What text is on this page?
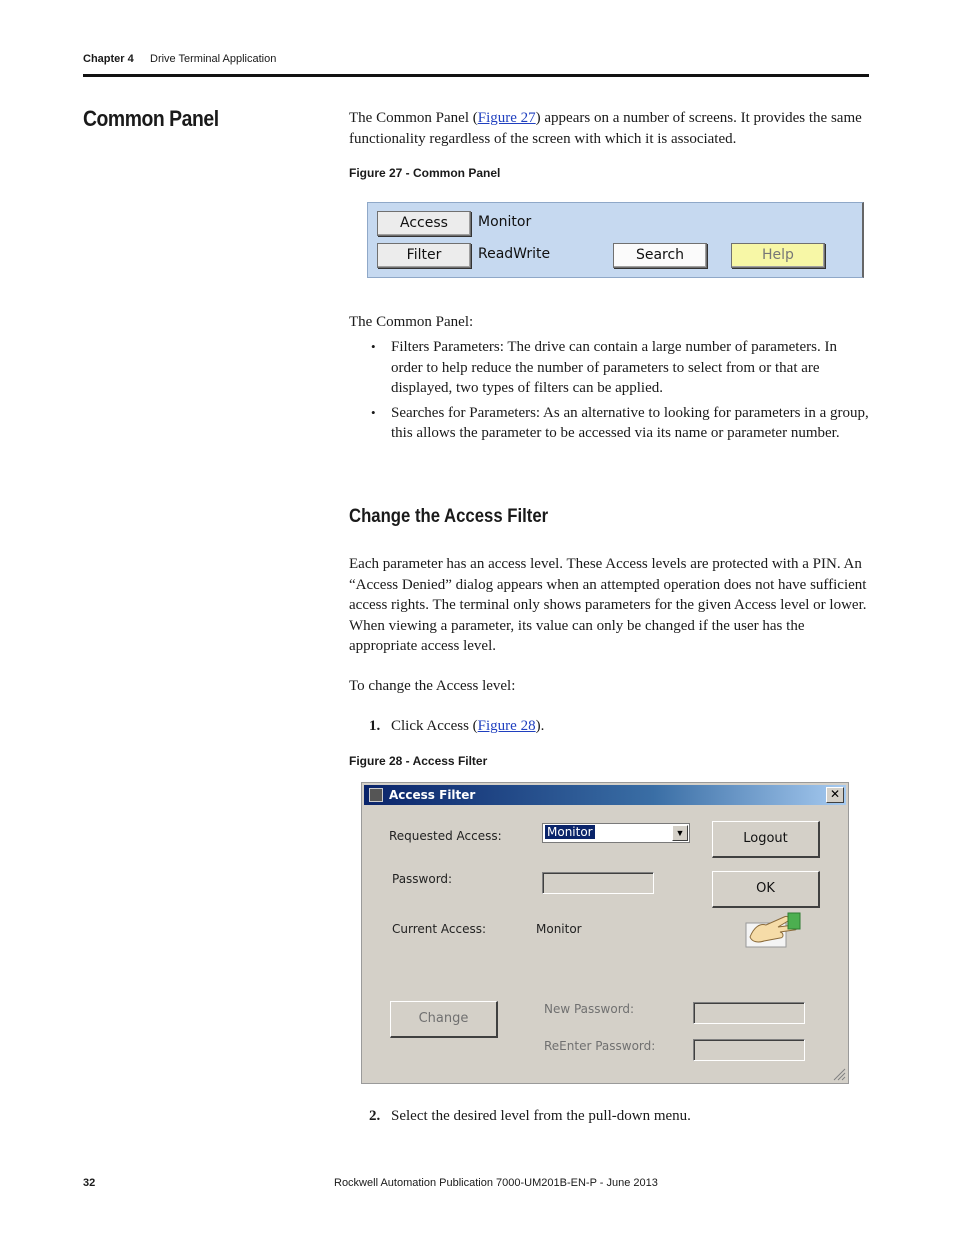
Chapter 4 Drive Terminal Application
Common Panel	The Common Panel (Figure 27) appears on a number of screens. It provides the same functionality regardless of the screen with which it is associated.
Figure 27 - Common Panel
Access	Monitor
Filter	ReadWrite	Search	Help
The Common Panel:
• Filters Parameters: The drive can contain a large number of parameters. In order to help reduce the number of parameters to select from or that are displayed, two types of filters can be applied.
• Searches for Parameters: As an alternative to looking for parameters in a group, this allows the parameter to be accessed via its name or parameter number.
Change the Access Filter
Each parameter has an access level. These Access levels are protected with a PIN. An “Access Denied” dialog appears when an attempted operation does not have sufficient access rights. The terminal only shows parameters for the given Access level or lower. When viewing a parameter, its value can only be changed if the user has the appropriate access level.
To change the Access level:
1. Click Access (Figure 28).
Figure 28 - Access Filter
Access Filter	✕
Requested Access:	Monitor	▼	Logout
Password:
OK
Current Access:	Monitor
Change
New Password:
ReEnter Password:
2. Select the desired level from the pull-down menu.
32	Rockwell Automation Publication 7000-UM201B-EN-P - June 2013
